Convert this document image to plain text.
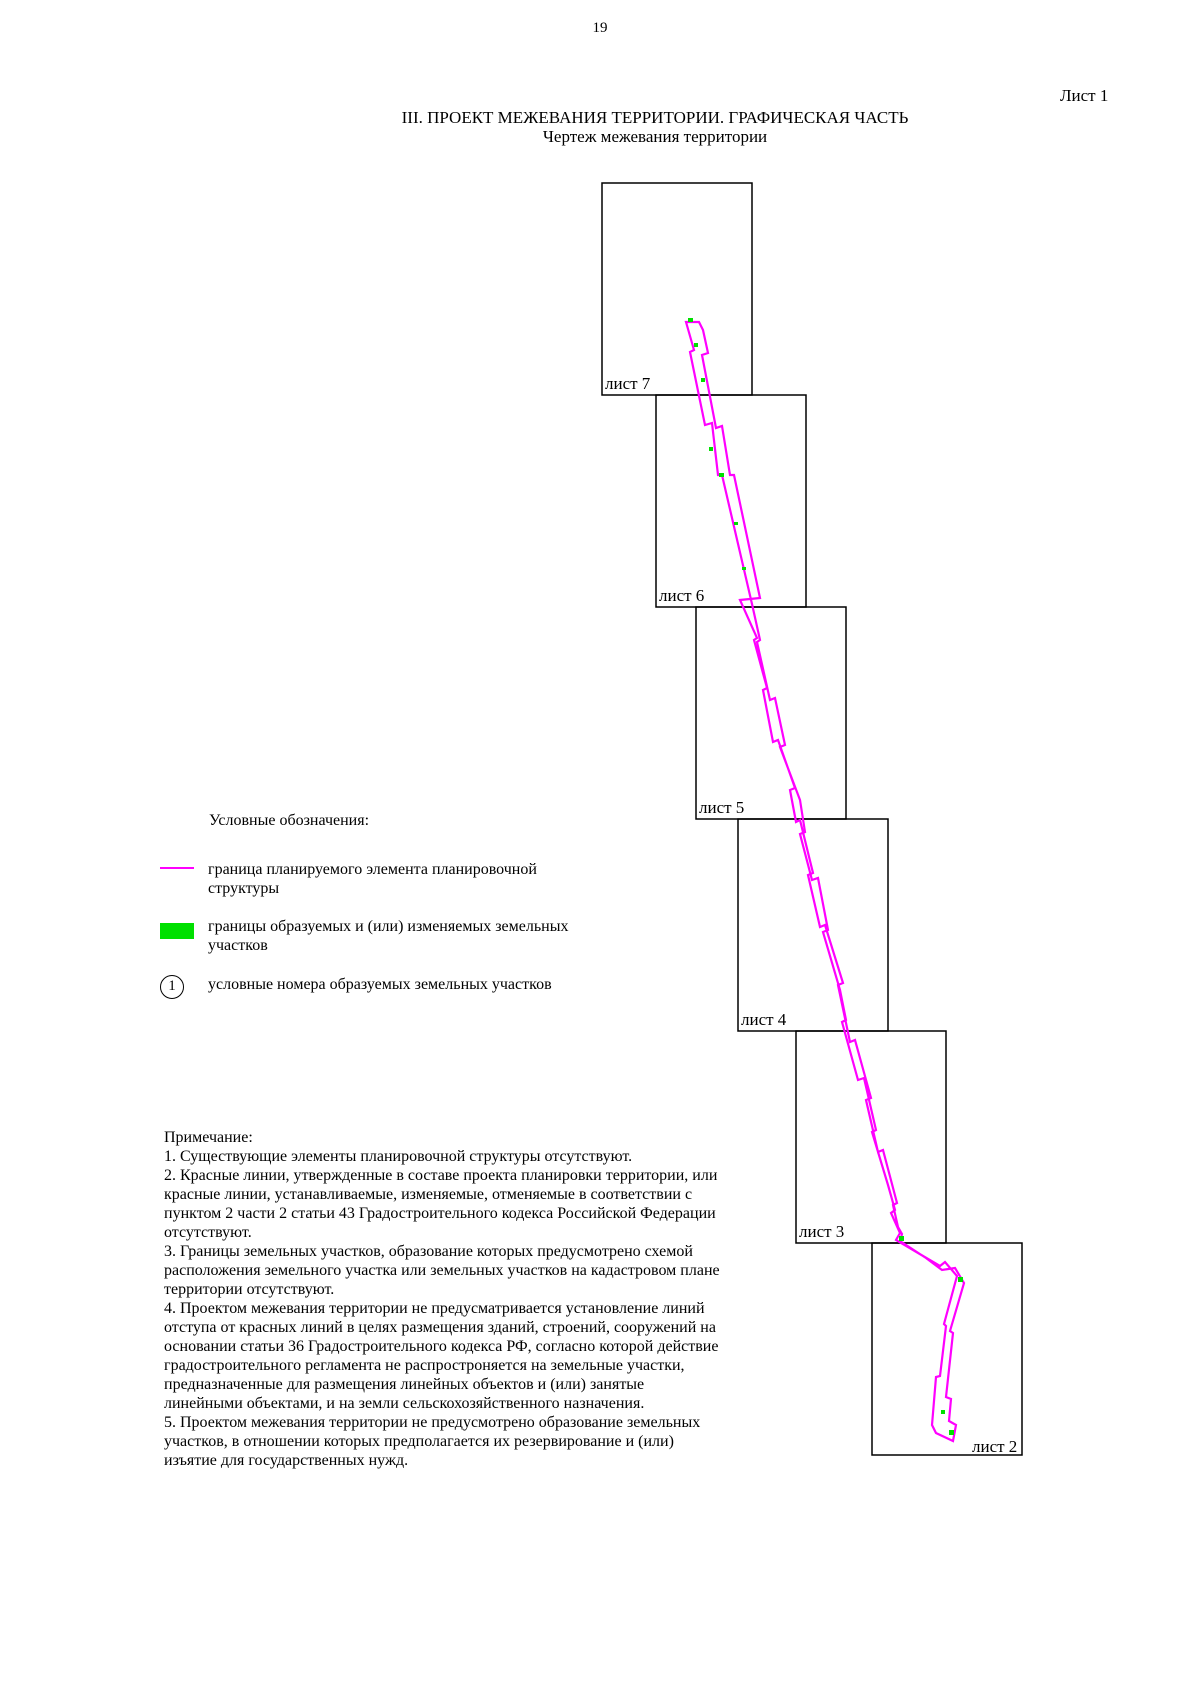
19
Лист 1
III. ПРОЕКТ МЕЖЕВАНИЯ ТЕРРИТОРИИ. ГРАФИЧЕСКАЯ ЧАСТЬ
Чертеж межевания территории
лист 7
лист 6
лист 5
лист 4
лист 3
лист 2
Условные обозначения:
граница планируемого элемента планировочной структуры
границы образуемых и (или) изменяемых земельных участков
1	условные номера образуемых земельных участков
Примечание:
1. Существующие элементы планировочной структуры отсутствуют.
2. Красные линии, утвержденные в составе проекта планировки территории, или красные линии, устанавливаемые, изменяемые, отменяемые в соответствии с пунктом 2 части 2 статьи 43 Градостроительного кодекса Российской Федерации отсутствуют.
3. Границы земельных участков, образование которых предусмотрено схемой расположения земельного участка или земельных участков на кадастровом плане территории отсутствуют.
4. Проектом межевания территории не предусматривается установление линий отступа от красных линий в целях размещения зданий, строений, сооружений на основании статьи 36 Градостроительного кодекса РФ, согласно которой действие градостроительного регламента не распростроняется на земельные участки, предназначенные для размещения линейных объектов и (или) занятые линейными объектами, и на земли сельскохозяйственного назначения.
5. Проектом межевания территории не предусмотрено образование земельных участков, в отношении которых предполагается их резервирование и (или) изъятие для государственных нужд.
